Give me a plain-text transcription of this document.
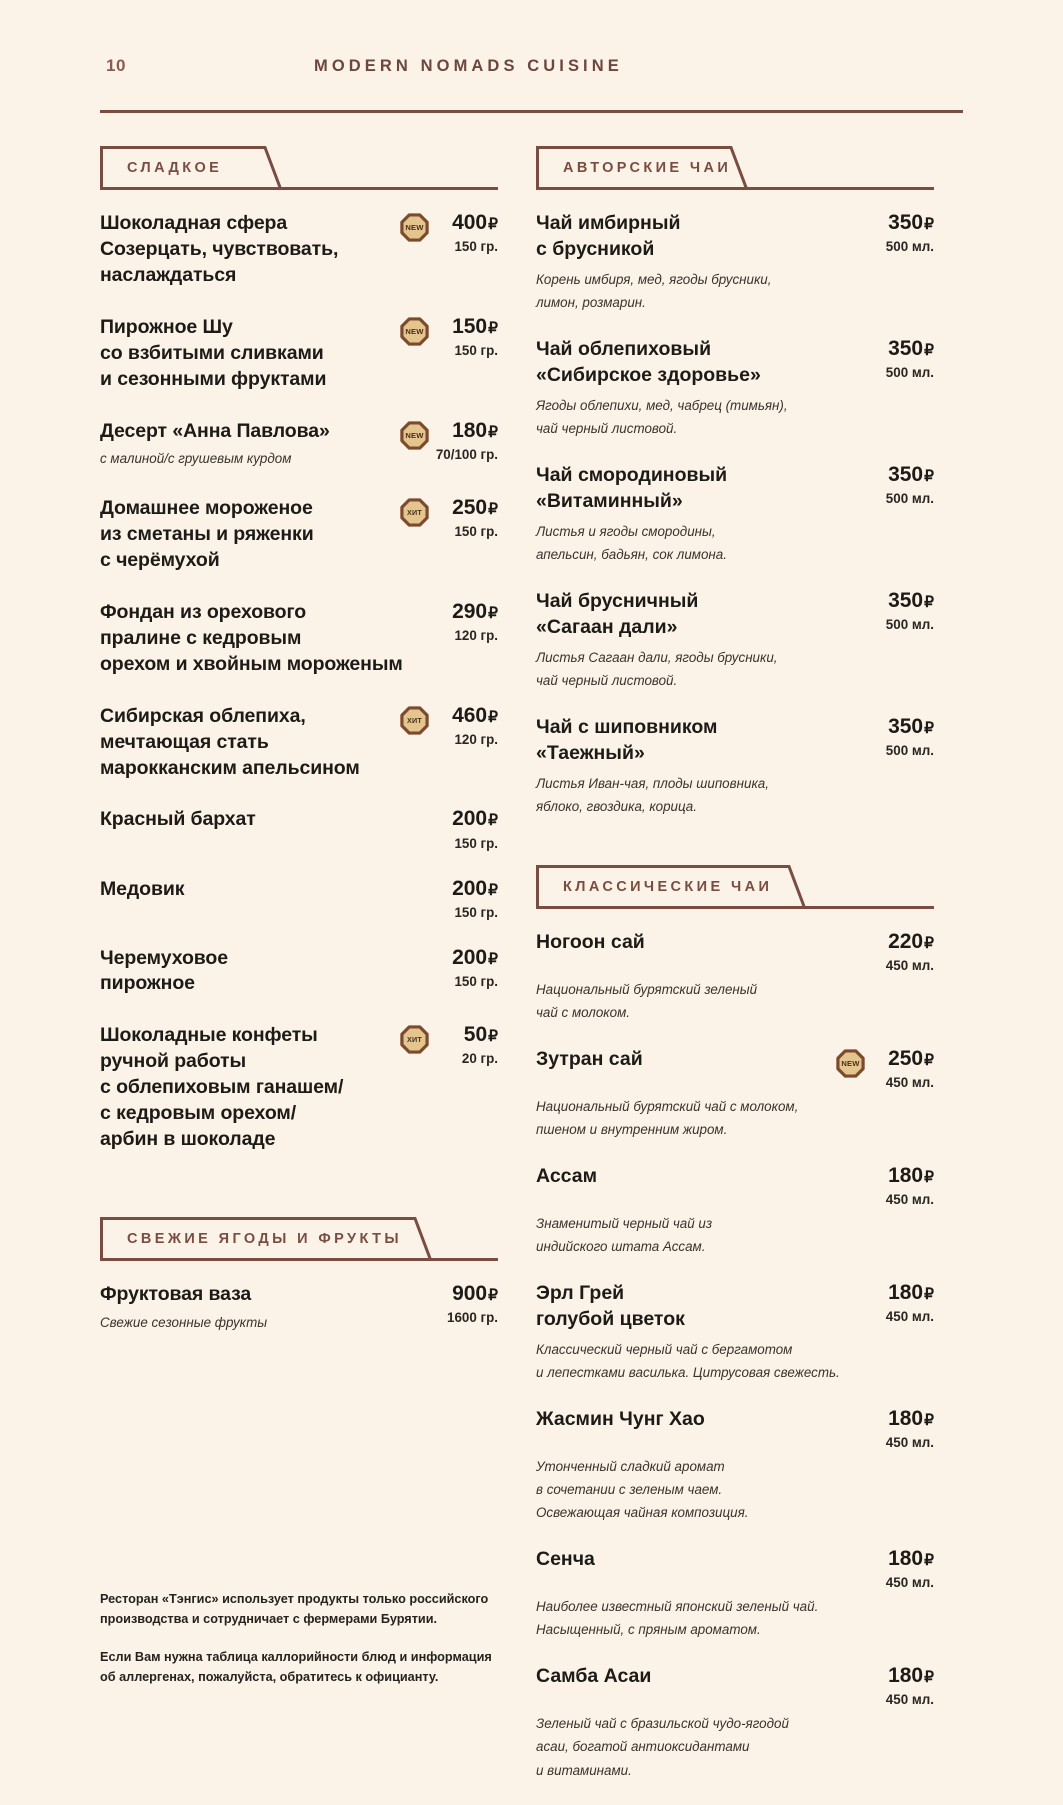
10	MODERN NOMADS CUISINE
СЛАДКОЕ
Шоколадная сфера
Созерцать, чувствовать,
наслаждаться
NEW	400₽
150 гр.
Пирожное Шу
со взбитыми сливками
и сезонными фруктами
NEW	150₽
150 гр.
Десерт «Анна Павлова»
с малиной/с грушевым курдом
NEW	180₽
70/100 гр.
Домашнее мороженое
из сметаны и ряженки
с черёмухой
ХИТ	250₽
150 гр.
Фондан из орехового
пралине с кедровым
орехом и хвойным мороженым
290₽
120 гр.
Сибирская облепиха,
мечтающая стать
марокканским апельсином
ХИТ	460₽
120 гр.
Красный бархат	200₽
150 гр.
Медовик	200₽
150 гр.
Черемуховое
пирожное
200₽
150 гр.
Шоколадные конфеты
ручной работы
с облепиховым ганашем/
с кедровым орехом/
арбин в шоколаде
ХИТ	50₽
20 гр.
СВЕЖИЕ ЯГОДЫ И ФРУКТЫ
Фруктовая ваза
Свежие сезонные фрукты
900₽
1600 гр.
АВТОРСКИЕ ЧАИ
Чай имбирный
с брусникой
350₽
500 мл.
Корень имбиря, мед, ягоды брусники,
лимон, розмарин.
Чай облепиховый
«Сибирское здоровье»
350₽
500 мл.
Ягоды облепихи, мед, чабрец (тимьян),
чай черный листовой.
Чай смородиновый
«Витаминный»
350₽
500 мл.
Листья и ягоды смородины,
апельсин, бадьян, сок лимона.
Чай брусничный
«Сагаан дали»
350₽
500 мл.
Листья Сагаан дали, ягоды брусники,
чай черный листовой.
Чай с шиповником
«Таежный»
350₽
500 мл.
Листья Иван-чая, плоды шиповника,
яблоко, гвоздика, корица.
КЛАССИЧЕСКИЕ ЧАИ
Ногоон сай	220₽
450 мл.
Национальный бурятский зеленый
чай с молоком.
Зутран сай	NEW	250₽
450 мл.
Национальный бурятский чай с молоком,
пшеном и внутренним жиром.
Ассам	180₽
450 мл.
Знаменитый черный чай из
индийского штата Ассам.
Эрл Грей
голубой цветок
180₽
450 мл.
Классический черный чай с бергамотом
и лепестками василька. Цитрусовая свежесть.
Жасмин Чунг Хао	180₽
450 мл.
Утонченный сладкий аромат
в сочетании с зеленым чаем.
Освежающая чайная композиция.
Сенча	180₽
450 мл.
Наиболее известный японский зеленый чай.
Насыщенный, с пряным ароматом.
Самба Асаи	180₽
450 мл.
Зеленый чай с бразильской чудо-ягодой
асаи, богатой антиоксидантами
и витаминами.
Ресторан «Тэнгис» использует продукты только российского производства и сотрудничает с фермерами Бурятии.
Если Вам нужна таблица каллорийности блюд и информация об аллергенах, пожалуйста, обратитесь к официанту.
